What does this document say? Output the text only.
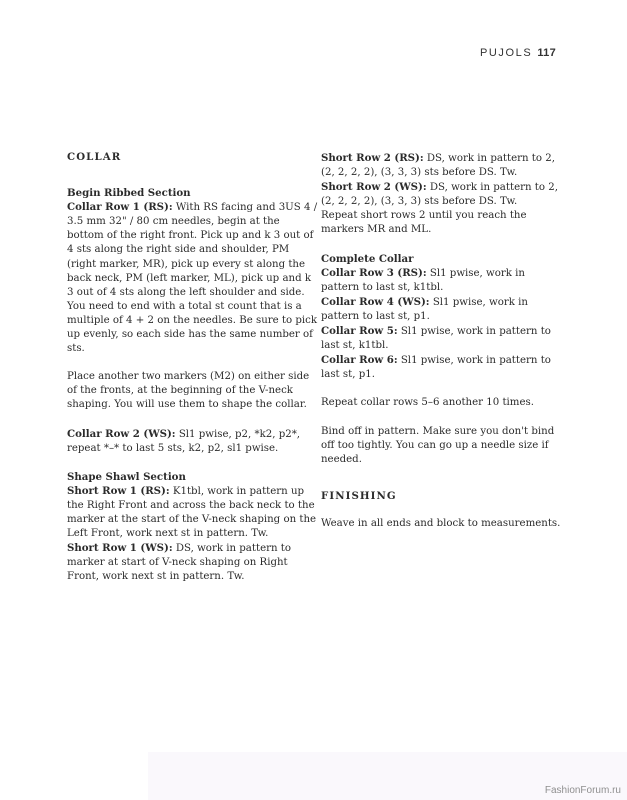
PUJOLS 117

COLLAR

Begin Ribbed Section

Collar Row 1 (RS): With RS facing and 3US 4 / 3.5 mm 32" / 80 cm needles, begin at the bottom of the right front. Pick up and k 3 out of 4 sts along the right side and shoulder, PM (right marker, MR), pick up every st along the back neck, PM (left marker, ML), pick up and k 3 out of 4 sts along the left shoulder and side. You need to end with a total st count that is a multiple of 4 + 2 on the needles. Be sure to pick up evenly, so each side has the same number of sts.

Place another two markers (M2) on either side of the fronts, at the beginning of the V-neck shaping. You will use them to shape the collar.

Collar Row 2 (WS): Sl1 pwise, p2, *k2, p2*, repeat *–* to last 5 sts, k2, p2, sl1 pwise.

Shape Shawl Section

Short Row 1 (RS): K1tbl, work in pattern up the Right Front and across the back neck to the marker at the start of the V-neck shaping on the Left Front, work next st in pattern. Tw.

Short Row 1 (WS): DS, work in pattern to marker at start of V-neck shaping on Right Front, work next st in pattern. Tw.

Short Row 2 (RS): DS, work in pattern to 2, (2, 2, 2, 2), (3, 3, 3) sts before DS. Tw.

Short Row 2 (WS): DS, work in pattern to 2, (2, 2, 2, 2), (3, 3, 3) sts before DS. Tw.

Repeat short rows 2 until you reach the markers MR and ML.

Complete Collar

Collar Row 3 (RS): Sl1 pwise, work in pattern to last st, k1tbl.

Collar Row 4 (WS): Sl1 pwise, work in pattern to last st, p1.

Collar Row 5: Sl1 pwise, work in pattern to last st, k1tbl.

Collar Row 6: Sl1 pwise, work in pattern to last st, p1.

Repeat collar rows 5–6 another 10 times.

Bind off in pattern. Make sure you don't bind off too tightly. You can go up a needle size if needed.

FINISHING

Weave in all ends and block to measurements.

FashionForum.ru
